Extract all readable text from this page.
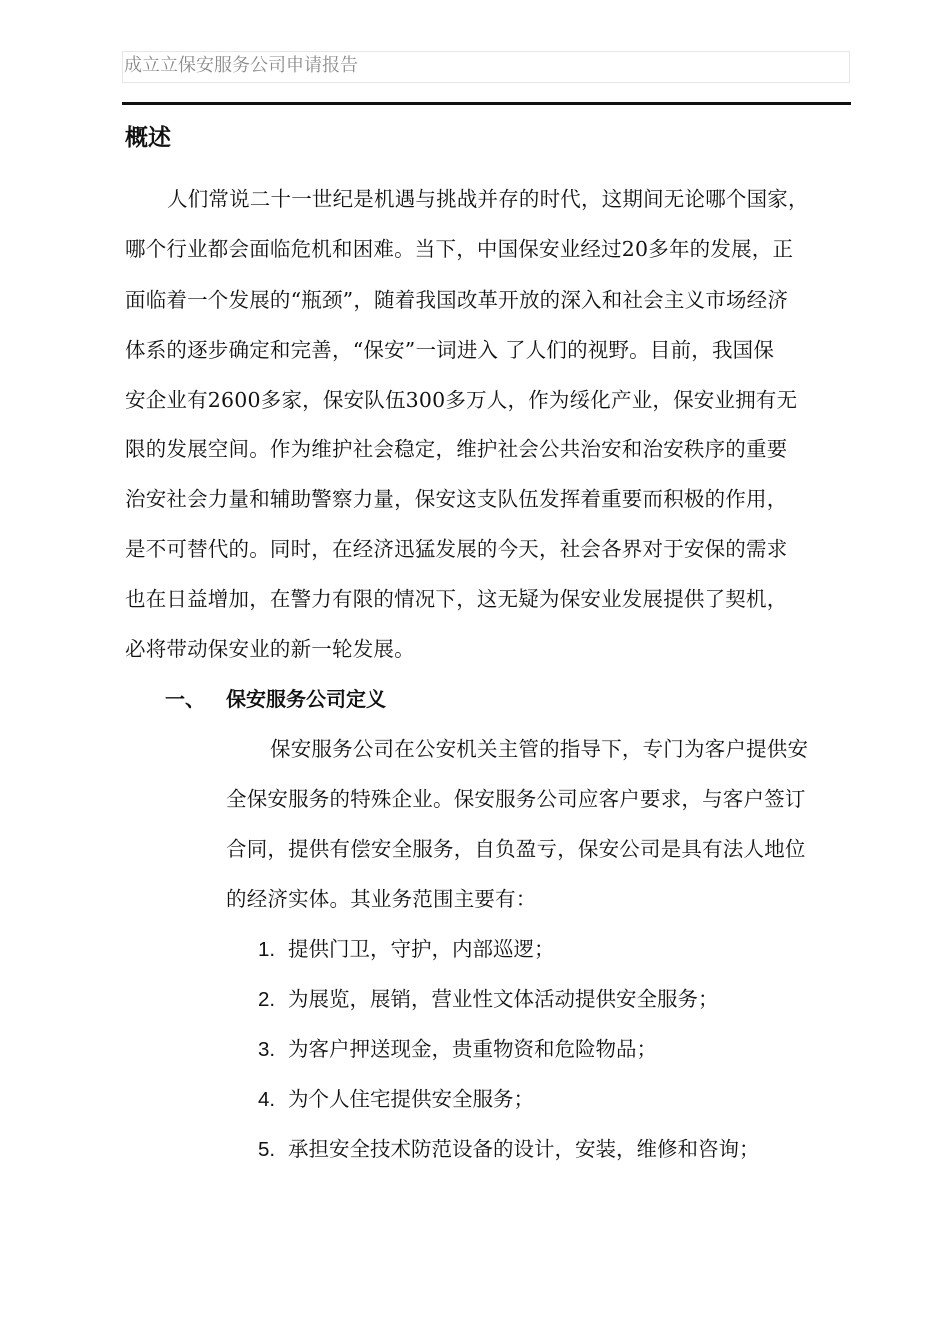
成立立保安服务公司申请报告
概述
人们常说二十一世纪是机遇与挑战并存的时代，这期间无论哪个国家，
哪个行业都会面临危机和困难。当下，中国保安业经过20多年的发展，正
面临着一个发展的“瓶颈”，随着我国改革开放的深入和社会主义市场经济
体系的逐步确定和完善，“保安”一词进入 了人们的视野。目前，我国保
安企业有2600多家，保安队伍300多万人，作为绥化产业，保安业拥有无
限的发展空间。作为维护社会稳定，维护社会公共治安和治安秩序的重要
治安社会力量和辅助警察力量，保安这支队伍发挥着重要而积极的作用，
是不可替代的。同时，在经济迅猛发展的今天，社会各界对于安保的需求
也在日益增加，在警力有限的情况下，这无疑为保安业发展提供了契机，
必将带动保安业的新一轮发展。
一、 保安服务公司定义
保安服务公司在公安机关主管的指导下，专门为客户提供安
全保安服务的特殊企业。保安服务公司应客户要求，与客户签订
合同，提供有偿安全服务，自负盈亏，保安公司是具有法人地位
的经济实体。其业务范围主要有：
1. 提供门卫，守护，内部巡逻；
2. 为展览，展销，营业性文体活动提供安全服务；
3. 为客户押送现金，贵重物资和危险物品；
4. 为个人住宅提供安全服务；
5. 承担安全技术防范设备的设计，安装，维修和咨询；
